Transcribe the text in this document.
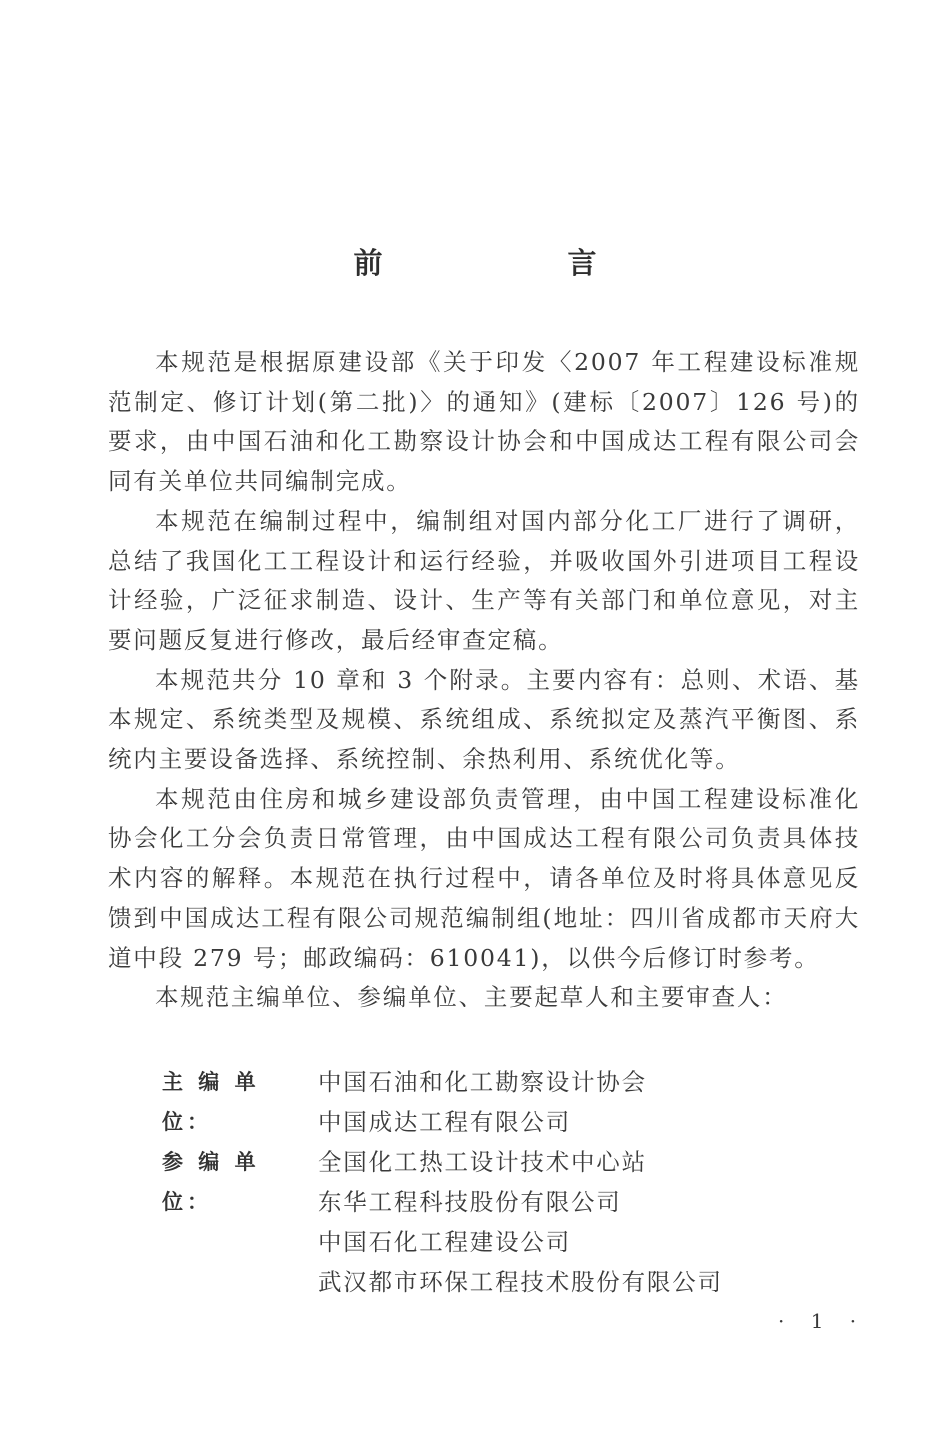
前　言

本规范是根据原建设部《关于印发〈2007 年工程建设标准规范制定、修订计划(第二批)〉的通知》(建标〔2007〕126 号)的要求，由中国石油和化工勘察设计协会和中国成达工程有限公司会同有关单位共同编制完成。

本规范在编制过程中，编制组对国内部分化工厂进行了调研，总结了我国化工工程设计和运行经验，并吸收国外引进项目工程设计经验，广泛征求制造、设计、生产等有关部门和单位意见，对主要问题反复进行修改，最后经审查定稿。

本规范共分 10 章和 3 个附录。主要内容有：总则、术语、基本规定、系统类型及规模、系统组成、系统拟定及蒸汽平衡图、系统内主要设备选择、系统控制、余热利用、系统优化等。

本规范由住房和城乡建设部负责管理，由中国工程建设标准化协会化工分会负责日常管理，由中国成达工程有限公司负责具体技术内容的解释。本规范在执行过程中，请各单位及时将具体意见反馈到中国成达工程有限公司规范编制组(地址：四川省成都市天府大道中段 279 号；邮政编码：610041)，以供今后修订时参考。

本规范主编单位、参编单位、主要起草人和主要审查人：

主 编 单 位：
中国石油和化工勘察设计协会
中国成达工程有限公司
参 编 单 位：
全国化工热工设计技术中心站
东华工程科技股份有限公司
中国石化工程建设公司
武汉都市环保工程技术股份有限公司
· 1 ·
